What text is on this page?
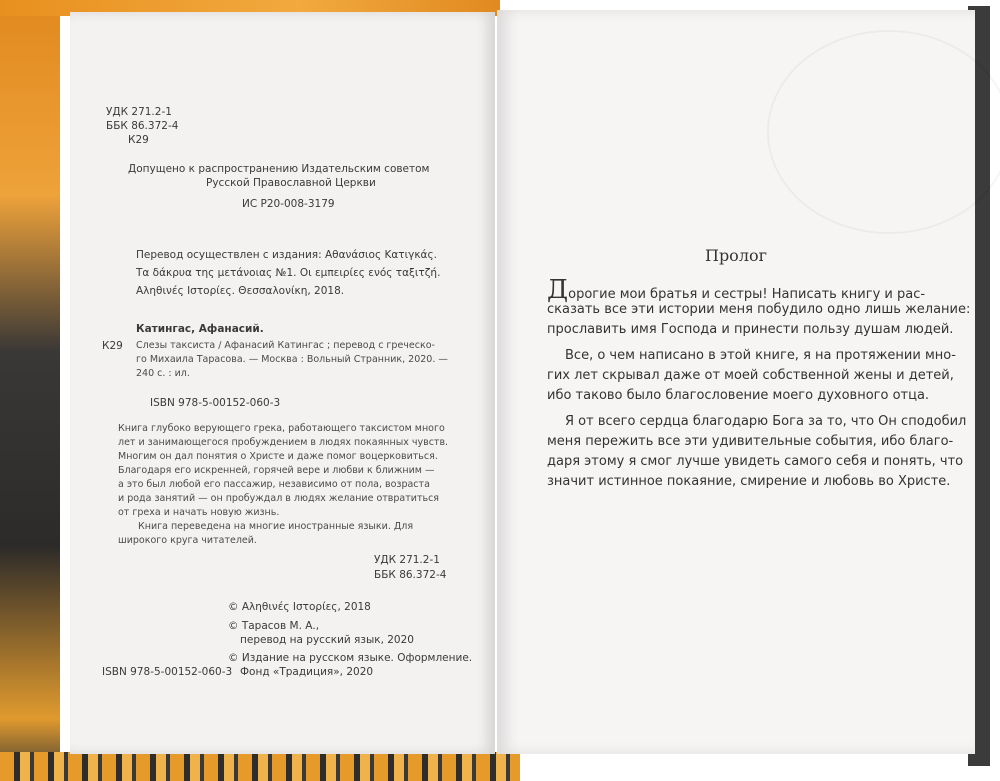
УДК 271.2-1
ББК 86.372-4
К29
Допущено к распространению Издательским советом
Русской Православной Церкви
ИС Р20-008-3179
Перевод осуществлен с издания: Αθανάσιος Κατιγκάς.
Τα δάκρυα της μετάνοιας №1. Οι εμπειρίες ενός ταξιτζή.
Αληθινές Ιστορίες. Θεσσαλονίκη, 2018.
Катингас, Афанасий.
К29 Слезы таксиста / Афанасий Катингас ; перевод с греческо-
го Михаила Тарасова. — Москва : Вольный Странник, 2020. —
240 с. : ил.
ISBN 978-5-00152-060-3
Книга глубоко верующего грека, работающего таксистом много
лет и занимающегося пробуждением в людях покаянных чувств.
Многим он дал понятия о Христе и даже помог воцерковиться.
Благодаря его искренней, горячей вере и любви к ближним —
а это был любой его пассажир, независимо от пола, возраста
и рода занятий — он пробуждал в людях желание отвратиться
от греха и начать новую жизнь.
Книга переведена на многие иностранные языки. Для
широкого круга читателей.
УДК 271.2-1
ББК 86.372-4
© Αληθινές Ιστορίες, 2018
© Тарасов М. А.,
перевод на русский язык, 2020
© Издание на русском языке. Оформление.
Фонд «Традиция», 2020
ISBN 978-5-00152-060-3
Пролог
Дорогие мои братья и сестры! Написать книгу и рас-
сказать все эти истории меня побудило одно лишь желание:
прославить имя Господа и принести пользу душам людей.
Все, о чем написано в этой книге, я на протяжении мно-
гих лет скрывал даже от моей собственной жены и детей,
ибо таково было благословение моего духовного отца.
Я от всего сердца благодарю Бога за то, что Он сподобил
меня пережить все эти удивительные события, ибо благо-
даря этому я смог лучше увидеть самого себя и понять, что
значит истинное покаяние, смирение и любовь во Христе.
